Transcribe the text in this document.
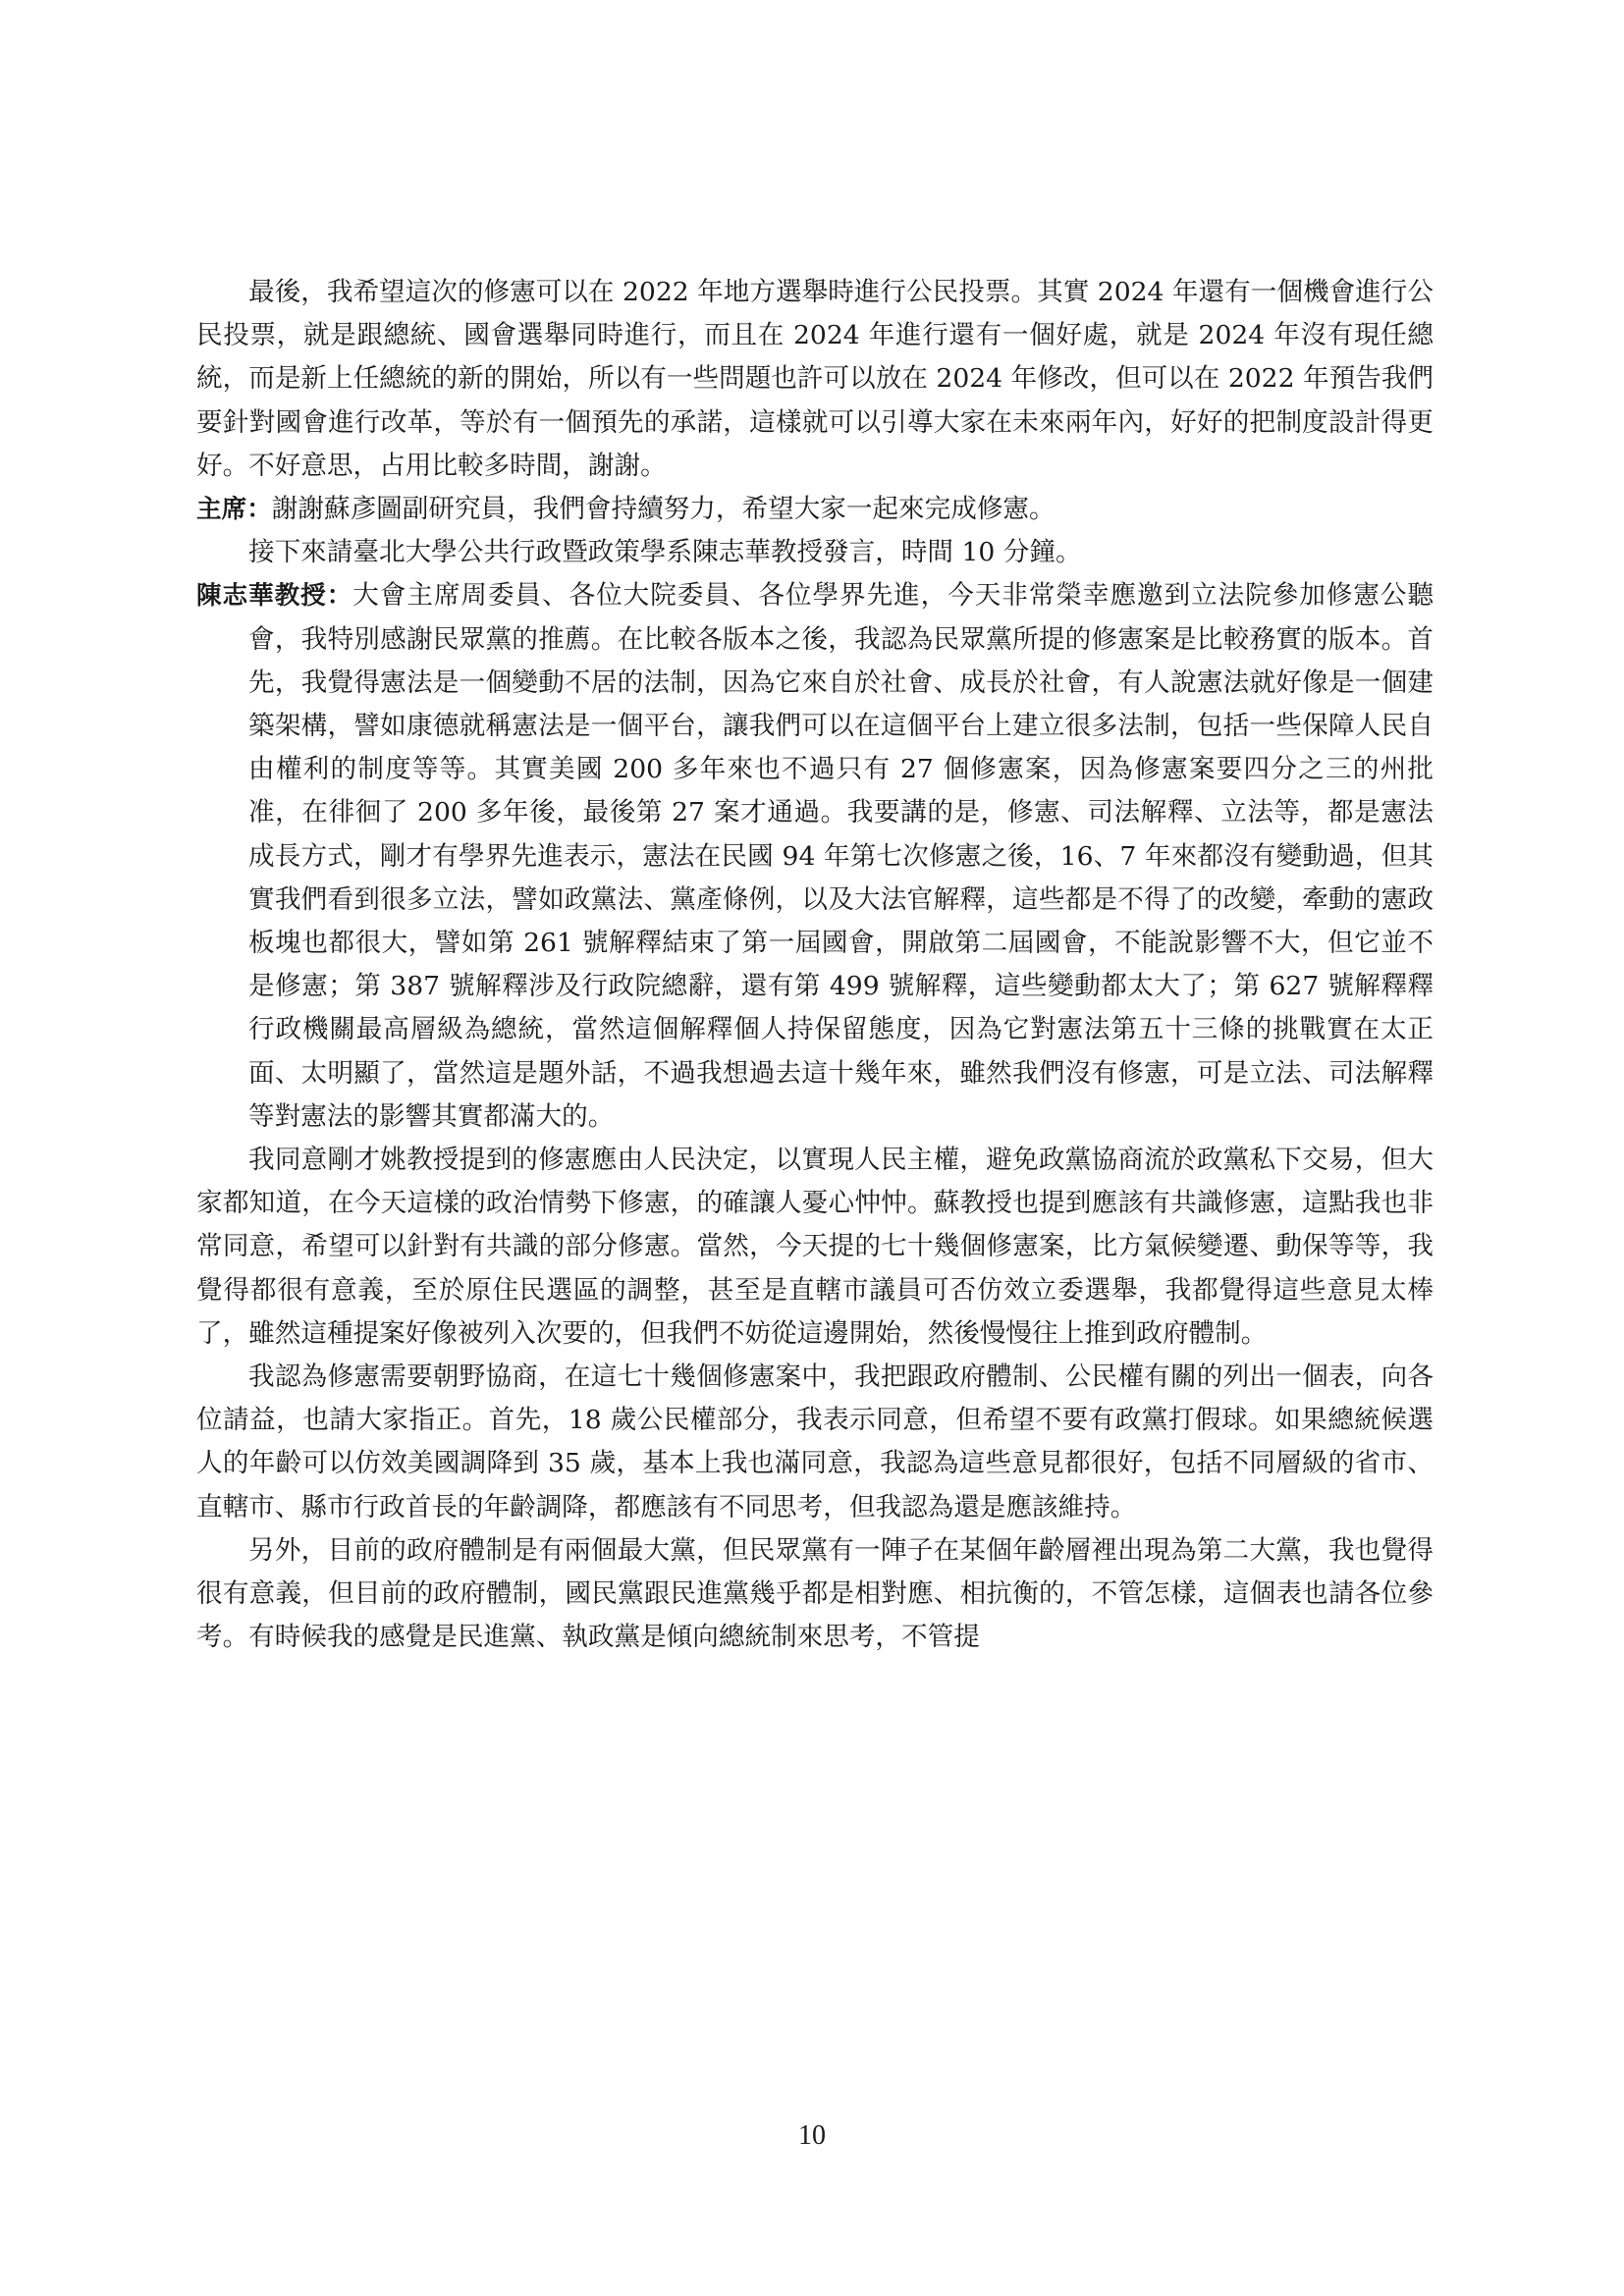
最後，我希望這次的修憲可以在 2022 年地方選舉時進行公民投票。其實 2024 年還有一個機會進行公民投票，就是跟總統、國會選舉同時進行，而且在 2024 年進行還有一個好處，就是 2024 年沒有現任總統，而是新上任總統的新的開始，所以有一些問題也許可以放在 2024 年修改，但可以在 2022 年預告我們要針對國會進行改革，等於有一個預先的承諾，這樣就可以引導大家在未來兩年內，好好的把制度設計得更好。不好意思，占用比較多時間，謝謝。

主席：謝謝蘇彥圖副研究員，我們會持續努力，希望大家一起來完成修憲。

接下來請臺北大學公共行政暨政策學系陳志華教授發言，時間 10 分鐘。

陳志華教授：大會主席周委員、各位大院委員、各位學界先進，今天非常榮幸應邀到立法院參加修憲公聽會，我特別感謝民眾黨的推薦。在比較各版本之後，我認為民眾黨所提的修憲案是比較務實的版本。首先，我覺得憲法是一個變動不居的法制，因為它來自於社會、成長於社會，有人說憲法就好像是一個建築架構，譬如康德就稱憲法是一個平台，讓我們可以在這個平台上建立很多法制，包括一些保障人民自由權利的制度等等。其實美國 200 多年來也不過只有 27 個修憲案，因為修憲案要四分之三的州批准，在徘徊了 200 多年後，最後第 27 案才通過。我要講的是，修憲、司法解釋、立法等，都是憲法成長方式，剛才有學界先進表示，憲法在民國 94 年第七次修憲之後，16、7 年來都沒有變動過，但其實我們看到很多立法，譬如政黨法、黨產條例，以及大法官解釋，這些都是不得了的改變，牽動的憲政板塊也都很大，譬如第 261 號解釋結束了第一屆國會，開啟第二屆國會，不能說影響不大，但它並不是修憲；第 387 號解釋涉及行政院總辭，還有第 499 號解釋，這些變動都太大了；第 627 號解釋釋行政機關最高層級為總統，當然這個解釋個人持保留態度，因為它對憲法第五十三條的挑戰實在太正面、太明顯了，當然這是題外話，不過我想過去這十幾年來，雖然我們沒有修憲，可是立法、司法解釋等對憲法的影響其實都滿大的。

我同意剛才姚教授提到的修憲應由人民決定，以實現人民主權，避免政黨協商流於政黨私下交易，但大家都知道，在今天這樣的政治情勢下修憲，的確讓人憂心忡忡。蘇教授也提到應該有共識修憲，這點我也非常同意，希望可以針對有共識的部分修憲。當然，今天提的七十幾個修憲案，比方氣候變遷、動保等等，我覺得都很有意義，至於原住民選區的調整，甚至是直轄市議員可否仿效立委選舉，我都覺得這些意見太棒了，雖然這種提案好像被列入次要的，但我們不妨從這邊開始，然後慢慢往上推到政府體制。

我認為修憲需要朝野協商，在這七十幾個修憲案中，我把跟政府體制、公民權有關的列出一個表，向各位請益，也請大家指正。首先，18 歲公民權部分，我表示同意，但希望不要有政黨打假球。如果總統候選人的年齡可以仿效美國調降到 35 歲，基本上我也滿同意，我認為這些意見都很好，包括不同層級的省市、直轄市、縣市行政首長的年齡調降，都應該有不同思考，但我認為還是應該維持。

另外，目前的政府體制是有兩個最大黨，但民眾黨有一陣子在某個年齡層裡出現為第二大黨，我也覺得很有意義，但目前的政府體制，國民黨跟民進黨幾乎都是相對應、相抗衡的，不管怎樣，這個表也請各位參考。有時候我的感覺是民進黨、執政黨是傾向總統制來思考，不管提

10
